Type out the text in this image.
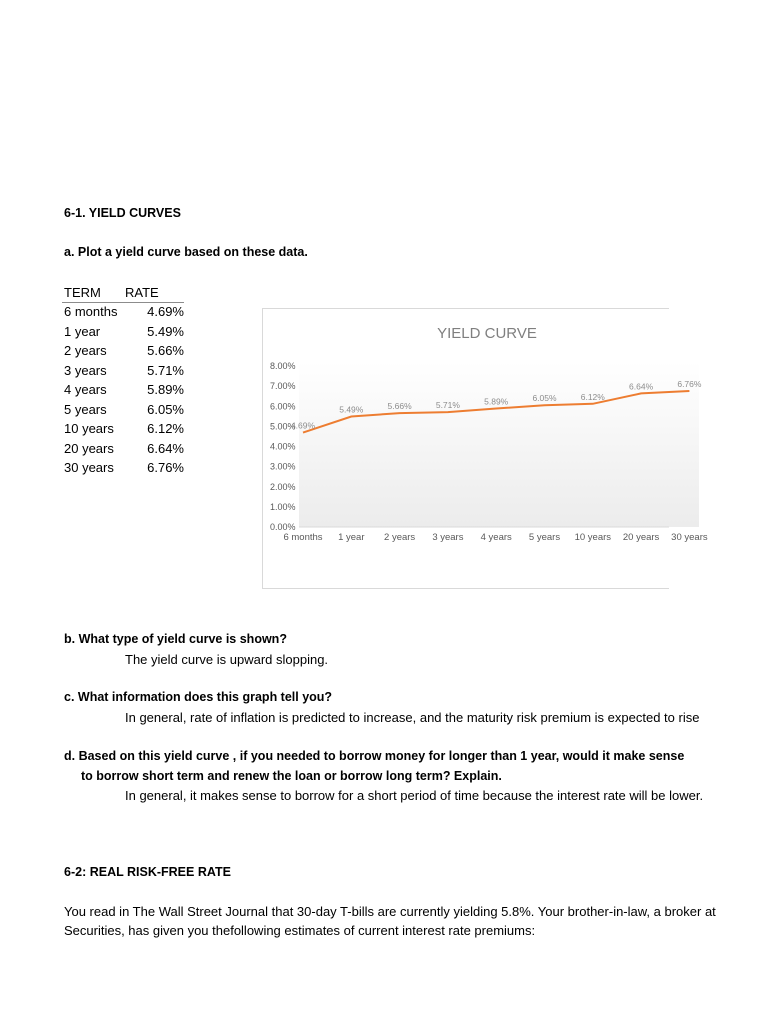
6-1. YIELD CURVES
a. Plot a yield curve based on these data.
TERM RATE
6 months 4.69%
1 year	5.49%
2 years	5.66%
3 years	5.71%
4 years	5.89%
5 years	6.05%
10 years	6.12%
20 years	6.64%
30 years	6.76%
YIELD CURVE
0.00%
1.00%
2.00%
3.00%
4.00%
5.00%
6.00%
7.00%
8.00%
6 months 1 year 2 years 3 years 4 years 5 years 10 years 20 years 30 years
4.69%
5.49%	5.66%	5.71%	5.89%	6.05%	6.12%
6.64%	6.76%
b. What type of yield curve is shown?
The yield curve is upward slopping.
c. What information does this graph tell you?
In general, rate of inflation is predicted to increase, and the maturity risk premium is expected to rise
d. Based on this yield curve , if you needed to borrow money for longer than 1 year, would it make sense
to borrow short term and renew the loan or borrow long term? Explain.
In general, it makes sense to borrow for a short period of time because the interest rate will be lower.
6-2: REAL RISK-FREE RATE
You read in The Wall Street Journal that 30-day T-bills are currently yielding 5.8%. Your brother-in-law, a broker at
Securities, has given you thefollowing estimates of current interest rate premiums:
